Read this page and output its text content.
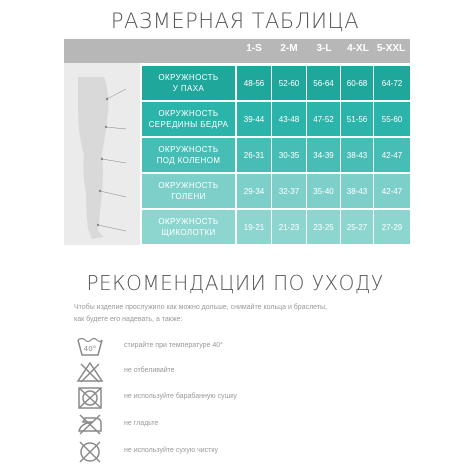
РАЗМЕРНАЯ ТАБЛИЦА
1-S	2-M	3-L	4-XL 5-XXL
ОКРУЖНОСТЬ
У ПАХА
48-56	52-60	56-64	60-68	64-72
ОКРУЖНОСТЬ
СЕРЕДИНЫ БЕДРА
39-44	43-48	47-52	51-56	55-60
ОКРУЖНОСТЬ
ПОД КОЛЕНОМ
26-31	30-35	34-39	38-43	42-47
ОКРУЖНОСТЬ
ГОЛЕНИ
29-34	32-37	35-40	38-43	42-47
ОКРУЖНОСТЬ
ЩИКОЛОТКИ
19-21	21-23	23-25	25-27	27-29
РЕКОМЕНДАЦИИ ПО УХОДУ
Чтобы изделие прослужило как можно дольше, снимайте кольца и браслеты,
как будете его надевать, а также:
40°	стирайте при температуре 40°
не отбеливайте
не используйте барабанную сушку
не гладьте
не используйте сухую чистку
